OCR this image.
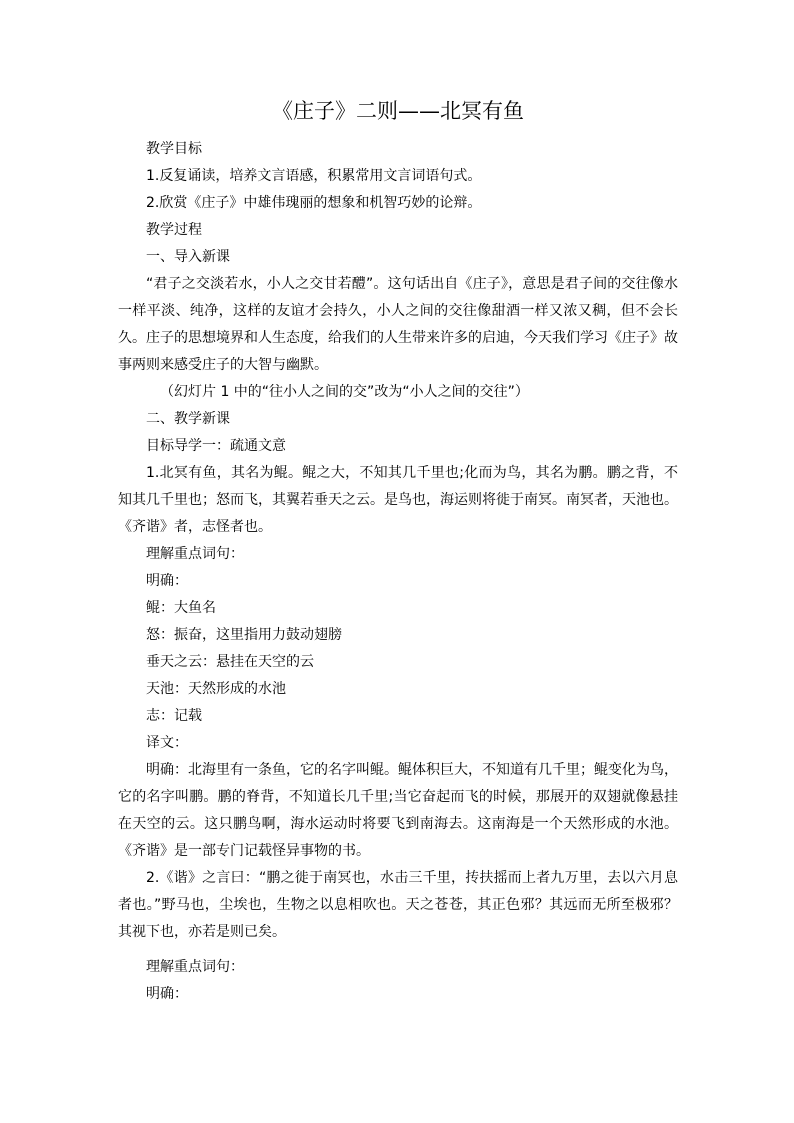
《庄子》二则——北冥有鱼

教学目标

1.反复诵读，培养文言语感，积累常用文言词语句式。

2.欣赏《庄子》中雄伟瑰丽的想象和机智巧妙的论辩。

教学过程

一、导入新课

“君子之交淡若水，小人之交甘若醴”。这句话出自《庄子》，意思是君子间的交往像水一样平淡、纯净，这样的友谊才会持久，小人之间的交往像甜酒一样又浓又稠，但不会长久。庄子的思想境界和人生态度，给我们的人生带来许多的启迪，今天我们学习《庄子》故事两则来感受庄子的大智与幽默。

（幻灯片 1 中的“往小人之间的交”改为“小人之间的交往”）

二、教学新课

目标导学一：疏通文意

1.北冥有鱼，其名为鲲。鲲之大，不知其几千里也;化而为鸟，其名为鹏。鹏之背，不知其几千里也；怒而飞，其翼若垂天之云。是鸟也，海运则将徙于南冥。南冥者，天池也。《齐谐》者，志怪者也。

理解重点词句：

明确：

鲲：大鱼名

怒：振奋，这里指用力鼓动翅膀

垂天之云：悬挂在天空的云

天池：天然形成的水池

志：记载

译文：

明确：北海里有一条鱼，它的名字叫鲲。鲲体积巨大，不知道有几千里；鲲变化为鸟，它的名字叫鹏。鹏的脊背，不知道长几千里;当它奋起而飞的时候，那展开的双翅就像悬挂在天空的云。这只鹏鸟啊，海水运动时将要飞到南海去。这南海是一个天然形成的水池。《齐谐》是一部专门记载怪异事物的书。

2.《谐》之言曰：“鹏之徙于南冥也，水击三千里，抟扶摇而上者九万里，去以六月息者也。”野马也，尘埃也，生物之以息相吹也。天之苍苍，其正色邪？其远而无所至极邪？其视下也，亦若是则已矣。

理解重点词句：

明确：
